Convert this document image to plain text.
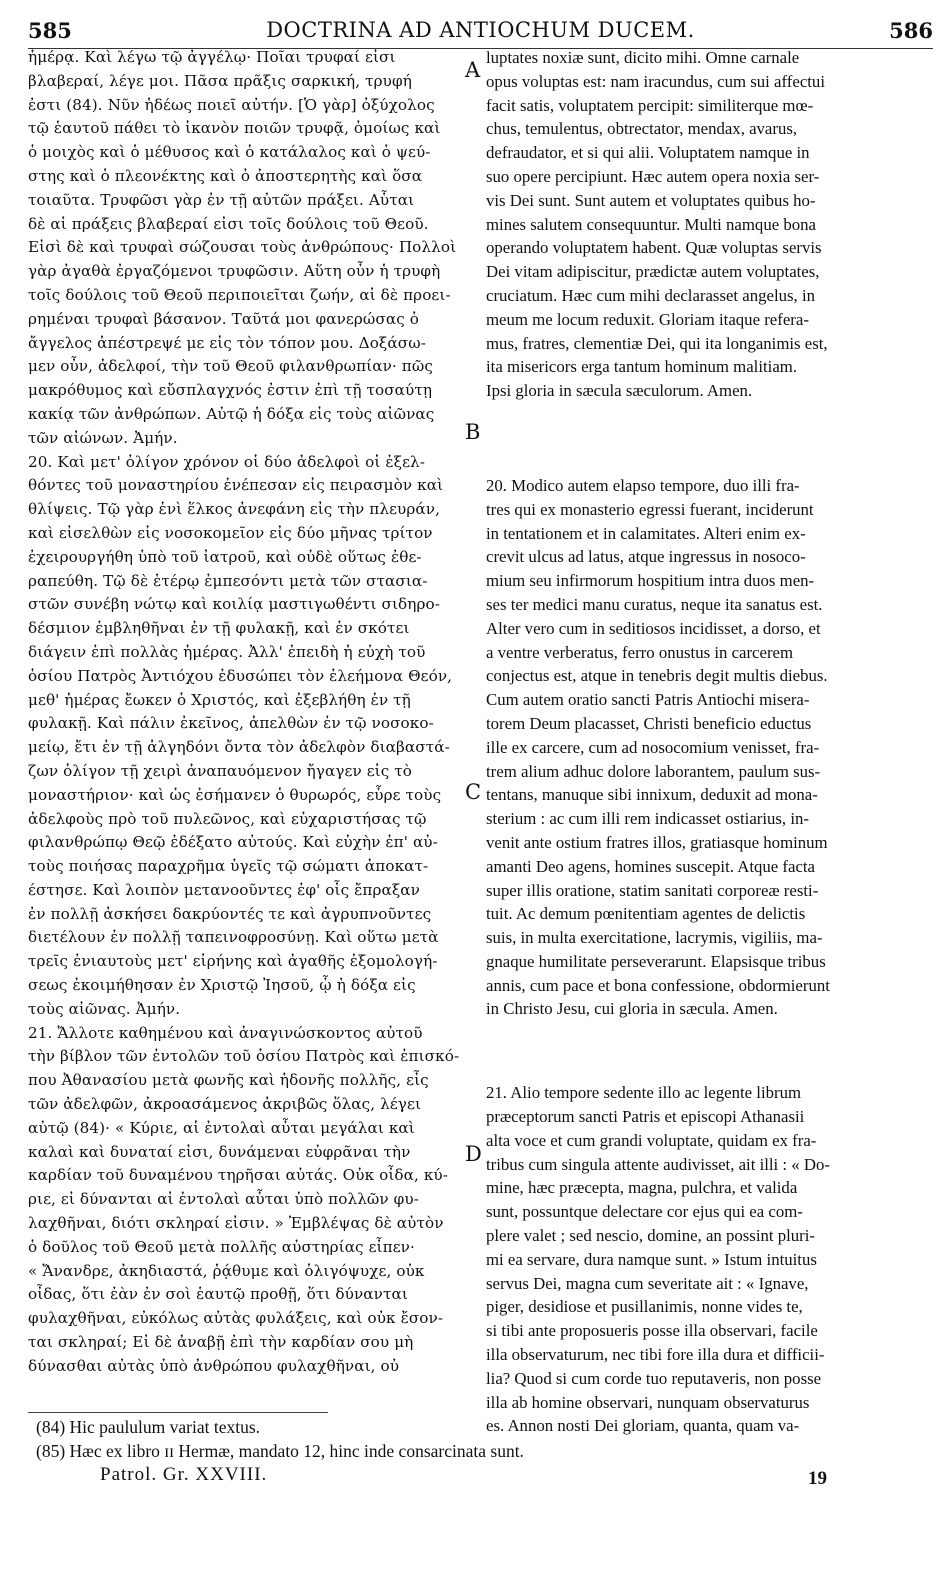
585	DOCTRINA AD ANTIOCHUM DUCEM.	586
ἡμέρᾳ. Καὶ λέγω τῷ ἀγγέλῳ· Ποῖαι τρυφαί εἰσι
βλαβεραί, λέγε μοι. Πᾶσα πρᾶξις σαρκική, τρυφή
ἐστι (84). Νῦν ἡδέως ποιεῖ αὐτήν. [Ὁ γὰρ] ὀξύχολος
τῷ ἑαυτοῦ πάθει τὸ ἱκανὸν ποιῶν τρυφᾷ, ὁμοίως καὶ
ὁ μοιχὸς καὶ ὁ μέθυσος καὶ ὁ κατάλαλος καὶ ὁ ψεύ-
στης καὶ ὁ πλεονέκτης καὶ ὁ ἀποστερητὴς καὶ ὅσα
τοιαῦτα. Τρυφῶσι γὰρ ἐν τῇ αὐτῶν πράξει. Αὗται
δὲ αἱ πράξεις βλαβεραί εἰσι τοῖς δούλοις τοῦ Θεοῦ.
Εἰσὶ δὲ καὶ τρυφαὶ σώζουσαι τοὺς ἀνθρώπους· Πολλοὶ
γὰρ ἀγαθὰ ἐργαζόμενοι τρυφῶσιν. Αὕτη οὖν ἡ τρυφὴ
τοῖς δούλοις τοῦ Θεοῦ περιποιεῖται ζωήν, αἱ δὲ προει-
ρημέναι τρυφαὶ βάσανον. Ταῦτά μοι φανερώσας ὁ
ἄγγελος ἀπέστρεψέ με εἰς τὸν τόπον μου. Δοξάσω-
μεν οὖν, ἀδελφοί, τὴν τοῦ Θεοῦ φιλανθρωπίαν· πῶς
μακρόθυμος καὶ εὔσπλαγχνός ἐστιν ἐπὶ τῇ τοσαύτῃ
κακίᾳ τῶν ἀνθρώπων. Αὐτῷ ἡ δόξα εἰς τοὺς αἰῶνας
τῶν αἰώνων. Ἀμήν.
20. Καὶ μετ' ὀλίγον χρόνον οἱ δύο ἀδελφοὶ οἱ ἐξελ-
θόντες τοῦ μοναστηρίου ἐνέπεσαν εἰς πειρασμὸν καὶ
θλίψεις. Τῷ γὰρ ἑνὶ ἕλκος ἀνεφάνη εἰς τὴν πλευράν,
καὶ εἰσελθὼν εἰς νοσοκομεῖον εἰς δύο μῆνας τρίτον
ἐχειρουργήθη ὑπὸ τοῦ ἰατροῦ, καὶ οὐδὲ οὕτως ἐθε-
ραπεύθη. Τῷ δὲ ἑτέρῳ ἐμπεσόντι μετὰ τῶν στασια-
στῶν συνέβη νώτῳ καὶ κοιλίᾳ μαστιγωθέντι σιδηρο-
δέσμιον ἐμβληθῆναι ἐν τῇ φυλακῇ, καὶ ἐν σκότει
διάγειν ἐπὶ πολλὰς ἡμέρας. Ἀλλ' ἐπειδὴ ἡ εὐχὴ τοῦ
ὁσίου Πατρὸς Ἀντιόχου ἐδυσώπει τὸν ἐλεήμονα Θεόν,
μεθ' ἡμέρας ἔωκεν ὁ Χριστός, καὶ ἐξεβλήθη ἐν τῇ
φυλακῇ. Καὶ πάλιν ἐκεῖνος, ἀπελθὼν ἐν τῷ νοσοκο-
μείῳ, ἔτι ἐν τῇ ἀλγηδόνι ὄντα τὸν ἀδελφὸν διαβαστά-
ζων ὀλίγον τῇ χειρὶ ἀναπαυόμενον ἤγαγεν εἰς τὸ
μοναστήριον· καὶ ὡς ἐσήμανεν ὁ θυρωρός, εὗρε τοὺς
ἀδελφοὺς πρὸ τοῦ πυλεῶνος, καὶ εὐχαριστήσας τῷ
φιλανθρώπῳ Θεῷ ἐδέξατο αὐτούς. Καὶ εὐχὴν ἐπ' αὐ-
τοὺς ποιήσας παραχρῆμα ὑγεῖς τῷ σώματι ἀποκατ-
έστησε. Καὶ λοιπὸν μετανοοῦντες ἐφ' οἷς ἔπραξαν
ἐν πολλῇ ἀσκήσει δακρύοντές τε καὶ ἀγρυπνοῦντες
διετέλουν ἐν πολλῇ ταπεινοφροσύνῃ. Καὶ οὕτω μετὰ
τρεῖς ἐνιαυτοὺς μετ' εἰρήνης καὶ ἀγαθῆς ἐξομολογή-
σεως ἐκοιμήθησαν ἐν Χριστῷ Ἰησοῦ, ᾧ ἡ δόξα εἰς
τοὺς αἰῶνας. Ἀμήν.
21. Ἄλλοτε καθημένου καὶ ἀναγινώσκοντος αὐτοῦ
τὴν βίβλον τῶν ἐντολῶν τοῦ ὁσίου Πατρὸς καὶ ἐπισκό-
που Ἀθανασίου μετὰ φωνῆς καὶ ἡδονῆς πολλῆς, εἷς
τῶν ἀδελφῶν, ἀκροασάμενος ἀκριβῶς ὅλας, λέγει
αὐτῷ (84)· « Κύριε, αἱ ἐντολαὶ αὗται μεγάλαι καὶ
καλαὶ καὶ δυναταί εἰσι, δυνάμεναι εὐφρᾶναι τὴν
καρδίαν τοῦ δυναμένου τηρῆσαι αὐτάς. Οὐκ οἶδα, κύ-
ριε, εἰ δύνανται αἱ ἐντολαὶ αὗται ὑπὸ πολλῶν φυ-
λαχθῆναι, διότι σκληραί εἰσιν. » Ἐμβλέψας δὲ αὐτὸν
ὁ δοῦλος τοῦ Θεοῦ μετὰ πολλῆς αὐστηρίας εἶπεν·
« Ἄνανδρε, ἀκηδιαστά, ῥᾴθυμε καὶ ὀλιγόψυχε, οὐκ
οἶδας, ὅτι ἐὰν ἐν σοὶ ἑαυτῷ προθῇ, ὅτι δύνανται
φυλαχθῆναι, εὐκόλως αὐτὰς φυλάξεις, καὶ οὐκ ἔσον-
ται σκληραί; Εἰ δὲ ἀναβῇ ἐπὶ τὴν καρδίαν σου μὴ
δύνασθαι αὐτὰς ὑπὸ ἀνθρώπου φυλαχθῆναι, οὐ
luptates noxiæ sunt, dicito mihi. Omne carnale
opus voluptas est: nam iracundus, cum sui affectui
facit satis, voluptatem percipit: similiterque mœ-
chus, temulentus, obtrectator, mendax, avarus,
defraudator, et si qui alii. Voluptatem namque in
suo opere percipiunt. Hæc autem opera noxia ser-
vis Dei sunt. Sunt autem et voluptates quibus ho-
mines salutem consequuntur. Multi namque bona
operando voluptatem habent. Quæ voluptas servis
Dei vitam adipiscitur, prædictæ autem voluptates,
cruciatum. Hæc cum mihi declarasset angelus, in
meum me locum reduxit. Gloriam itaque refera-
mus, fratres, clementiæ Dei, qui ita longanimis est,
ita misericors erga tantum hominum malitiam.
Ipsi gloria in sæcula sæculorum. Amen.
20. Modico autem elapso tempore, duo illi fra-
tres qui ex monasterio egressi fuerant, inciderunt
in tentationem et in calamitates. Alteri enim ex-
crevit ulcus ad latus, atque ingressus in nosoco-
mium seu infirmorum hospitium intra duos men-
ses ter medici manu curatus, neque ita sanatus est.
Alter vero cum in seditiosos incidisset, a dorso, et
a ventre verberatus, ferro onustus in carcerem
conjectus est, atque in tenebris degit multis diebus.
Cum autem oratio sancti Patris Antiochi misera-
torem Deum placasset, Christi beneficio eductus
ille ex carcere, cum ad nosocomium venisset, fra-
trem alium adhuc dolore laborantem, paulum sus-
tentans, manuque sibi innixum, deduxit ad mona-
sterium : ac cum illi rem indicasset ostiarius, in-
venit ante ostium fratres illos, gratiasque hominum
amanti Deo agens, homines suscepit. Atque facta
super illis oratione, statim sanitati corporeæ resti-
tuit. Ac demum pœnitentiam agentes de delictis
suis, in multa exercitatione, lacrymis, vigiliis, ma-
gnaque humilitate perseverarunt. Elapsisque tribus
annis, cum pace et bona confessione, obdormierunt
in Christo Jesu, cui gloria in sæcula. Amen.
21. Alio tempore sedente illo ac legente librum
præceptorum sancti Patris et episcopi Athanasii
alta voce et cum grandi voluptate, quidam ex fra-
tribus cum singula attente audivisset, ait illi : « Do-
mine, hæc præcepta, magna, pulchra, et valida
sunt, possuntque delectare cor ejus qui ea com-
plere valet ; sed nescio, domine, an possint pluri-
mi ea servare, dura namque sunt. » Istum intuitus
servus Dei, magna cum severitate ait : « Ignave,
piger, desidiose et pusillanimis, nonne vides te,
si tibi ante proposueris posse illa observari, facile
illa observaturum, nec tibi fore illa dura et difficii-
lia? Quod si cum corde tuo reputaveris, non posse
illa ab homine observari, nunquam observaturus
es. Annon nosti Dei gloriam, quanta, quam va-
A
B
C
D
(84) Hic paululum variat textus.
(85) Hæc ex libro ɪɪ Hermæ, mandato 12, hinc inde consarcinata sunt.
Patrol. Gr. XXVIII.	19
